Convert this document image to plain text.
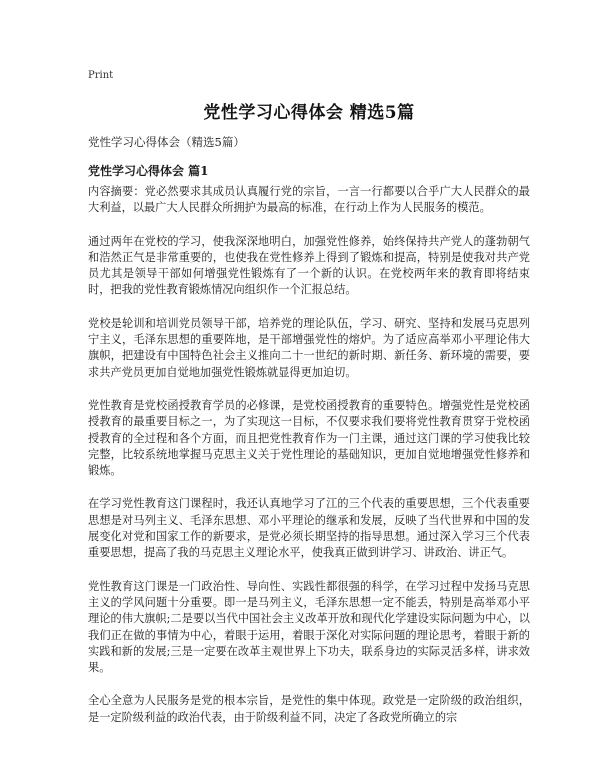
Print
党性学习心得体会 精选5篇

党性学习心得体会（精选5篇）

党性学习心得体会 篇1

内容摘要：党必然要求其成员认真履行党的宗旨，一言一行都要以合乎广大人民群众的最大利益，以最广大人民群众所拥护为最高的标准，在行动上作为人民服务的模范。

通过两年在党校的学习，使我深深地明白，加强党性修养，始终保持共产党人的蓬勃朝气和浩然正气是非常重要的，也使我在党性修养上得到了锻炼和提高，特别是使我对共产党员尤其是领导干部如何增强党性锻炼有了一个新的认识。在党校两年来的教育即将结束时，把我的党性教育锻炼情况向组织作一个汇报总结。

党校是轮训和培训党员领导干部，培养党的理论队伍，学习、研究、坚持和发展马克思列宁主义，毛泽东思想的重要阵地，是干部增强党性的熔炉。为了适应高举邓小平理论伟大旗帜，把建设有中国特色社会主义推向二十一世纪的新时期、新任务、新环境的需要，要求共产党员更加自觉地加强党性锻炼就显得更加迫切。

党性教育是党校函授教育学员的必修课，是党校函授教育的重要特色。增强党性是党校函授教育的最重要目标之一，为了实现这一目标，不仅要求我们要将党性教育贯穿于党校函授教育的全过程和各个方面，而且把党性教育作为一门主课，通过这门课的学习使我比较完整，比较系统地掌握马克思主义关于党性理论的基础知识，更加自觉地增强党性修养和锻炼。

在学习党性教育这门课程时，我还认真地学习了江的三个代表的重要思想，三个代表重要思想是对马列主义、毛泽东思想、邓小平理论的继承和发展，反映了当代世界和中国的发展变化对党和国家工作的新要求，是党必须长期坚持的指导思想。通过深入学习三个代表重要思想，提高了我的马克思主义理论水平，使我真正做到讲学习、讲政治、讲正气。

党性教育这门课是一门政治性、导向性、实践性都很强的科学，在学习过程中发扬马克思主义的学风问题十分重要。即一是马列主义，毛泽东思想一定不能丢，特别是高举邓小平理论的伟大旗帜;二是要以当代中国社会主义改革开放和现代化学建设实际问题为中心，以我们正在做的事情为中心，着眼于运用，着眼于深化对实际问题的理论思考，着眼于新的实践和新的发展;三是一定要在改革主观世界上下功夫，联系身边的实际灵活多样，讲求效果。

全心全意为人民服务是党的根本宗旨，是党性的集中体现。政党是一定阶级的政治组织，是一定阶级利益的政治代表，由于阶级利益不同，决定了各政党所确立的宗
